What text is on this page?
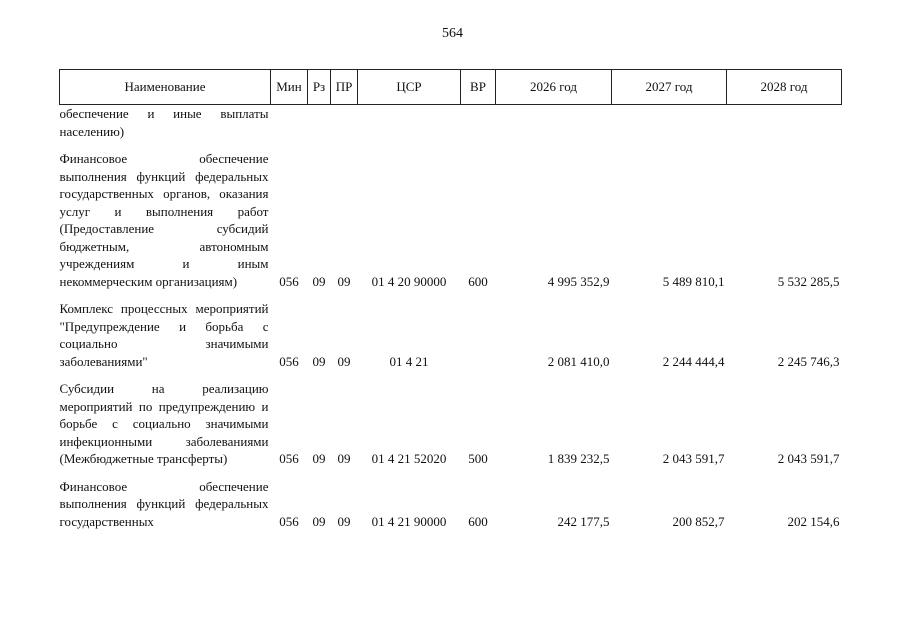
564
Наименование	Мин	Рз	ПР	ЦСР	ВР	2026 год	2027 год	2028 год
обеспечение и иные выплаты населению)								
Финансовое обеспечение выполнения функций федеральных государственных органов, оказания услуг и выполнения работ (Предоставление субсидий бюджетным, автономным учреждениям и иным некоммерческим организациям)	056	09	09	01 4 20 90000	600	4 995 352,9	5 489 810,1	5 532 285,5
Комплекс процессных мероприятий "Предупреждение и борьба с социально значимыми заболеваниями"	056	09	09	01 4 21		2 081 410,0	2 244 444,4	2 245 746,3
Субсидии на реализацию мероприятий по предупреждению и борьбе с социально значимыми инфекционными заболеваниями (Межбюджетные трансферты)	056	09	09	01 4 21 52020	500	1 839 232,5	2 043 591,7	2 043 591,7
Финансовое обеспечение выполнения функций федеральных государственных	056	09	09	01 4 21 90000	600	242 177,5	200 852,7	202 154,6
